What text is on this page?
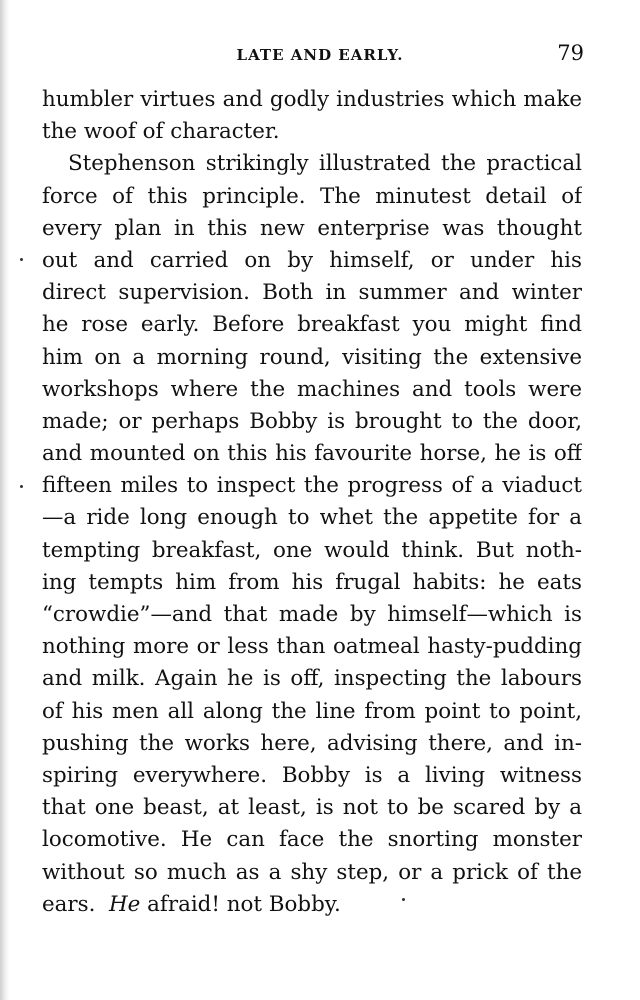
LATE AND EARLY.	79
humbler virtues and godly industries which make
the woof of character.
Stephenson strikingly illustrated the practical
force of this principle. The minutest detail of
every plan in this new enterprise was thought
out and carried on by himself, or under his
direct supervision. Both in summer and winter
he rose early. Before breakfast you might find
him on a morning round, visiting the extensive
workshops where the machines and tools were
made; or perhaps Bobby is brought to the door,
and mounted on this his favourite horse, he is off
fifteen miles to inspect the progress of a viaduct
—a ride long enough to whet the appetite for a
tempting breakfast, one would think. But noth-
ing tempts him from his frugal habits: he eats
“crowdie”—and that made by himself—which is
nothing more or less than oatmeal hasty-pudding
and milk. Again he is off, inspecting the labours
of his men all along the line from point to point,
pushing the works here, advising there, and in-
spiring everywhere. Bobby is a living witness
that one beast, at least, is not to be scared by a
locomotive. He can face the snorting monster
without so much as a shy step, or a prick of the
ears. He afraid! not Bobby.
